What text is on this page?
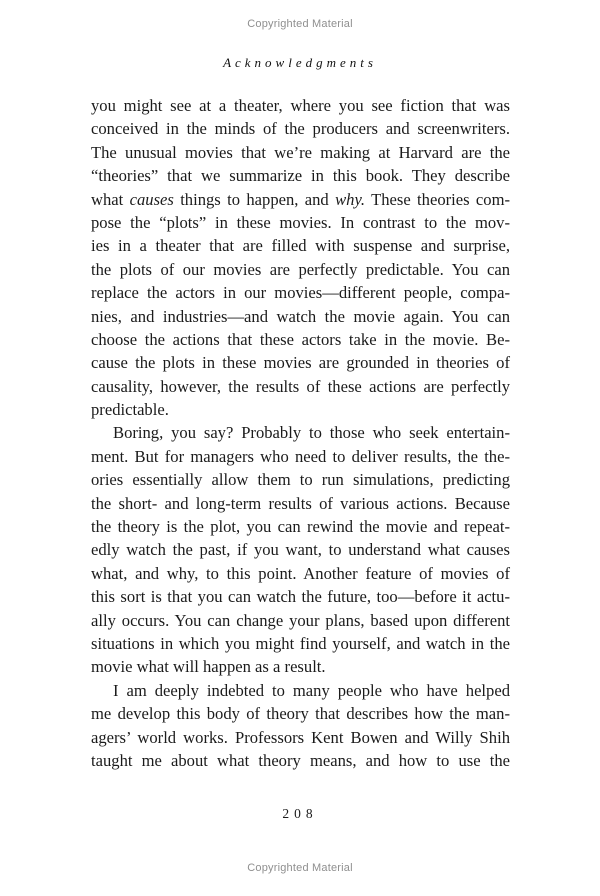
Copyrighted Material
Acknowledgments
you might see at a theater, where you see fiction that was
conceived in the minds of the producers and screenwriters.
The unusual movies that we’re making at Harvard are the
“theories” that we summarize in this book. They describe
what causes things to happen, and why. These theories com-
pose the “plots” in these movies. In contrast to the mov-
ies in a theater that are filled with suspense and surprise,
the plots of our movies are perfectly predictable. You can
replace the actors in our movies—different people, compa-
nies, and industries—and watch the movie again. You can
choose the actions that these actors take in the movie. Be-
cause the plots in these movies are grounded in theories of
causality, however, the results of these actions are perfectly
predictable.
Boring, you say? Probably to those who seek entertain-
ment. But for managers who need to deliver results, the the-
ories essentially allow them to run simulations, predicting
the short- and long-term results of various actions. Because
the theory is the plot, you can rewind the movie and repeat-
edly watch the past, if you want, to understand what causes
what, and why, to this point. Another feature of movies of
this sort is that you can watch the future, too—before it actu-
ally occurs. You can change your plans, based upon different
situations in which you might find yourself, and watch in the
movie what will happen as a result.
I am deeply indebted to many people who have helped
me develop this body of theory that describes how the man-
agers’ world works. Professors Kent Bowen and Willy Shih
taught me about what theory means, and how to use the
208
Copyrighted Material
